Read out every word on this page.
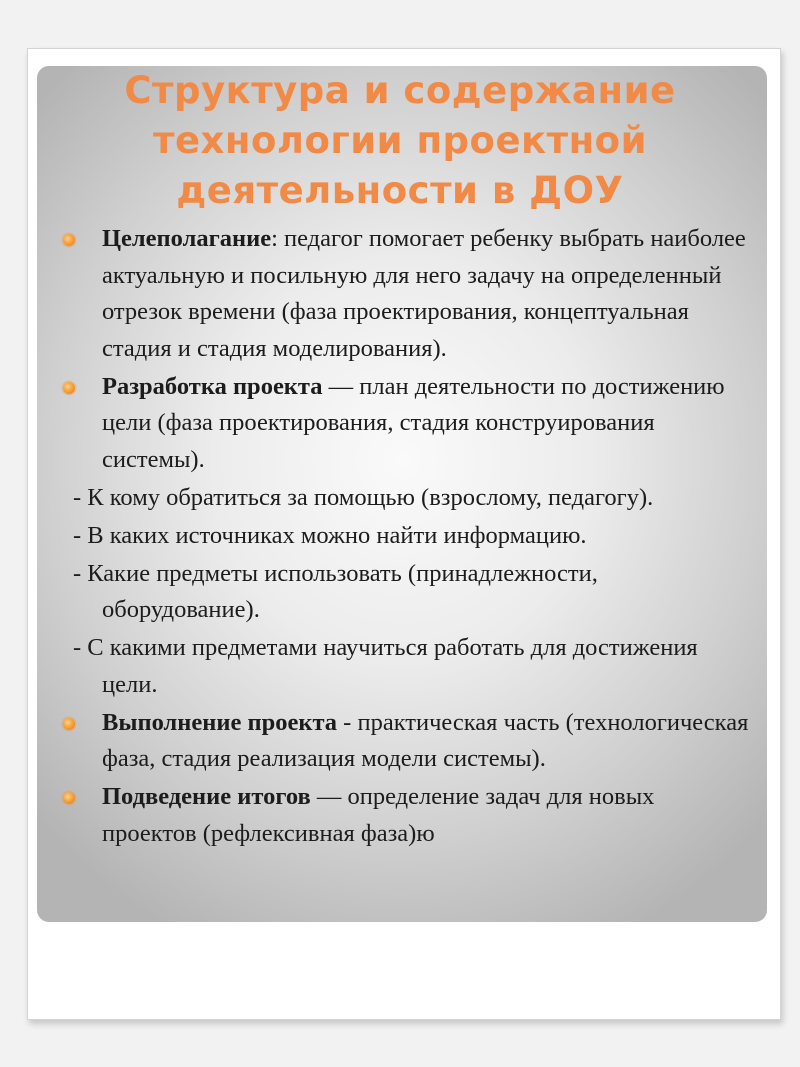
Структура и содержание технологии проектной деятельности в ДОУ
Целеполагание: педагог помогает ребенку выбрать наиболее актуальную и посильную для него задачу на определенный отрезок времени (фаза проектирования, концептуальная стадия и стадия моделирования).
Разработка проекта — план деятельности по достижению цели (фаза проектирования, стадия конструирования системы).
- К кому обратиться за помощью (взрослому, педагогу).
- В каких источниках можно найти информацию.
- Какие предметы использовать (принадлежности, оборудование).
- С какими предметами научиться работать для достижения цели.
Выполнение проекта - практическая часть (технологическая фаза, стадия реализация модели системы).
Подведение итогов — определение задач для новых проектов (рефлексивная фаза)ю
